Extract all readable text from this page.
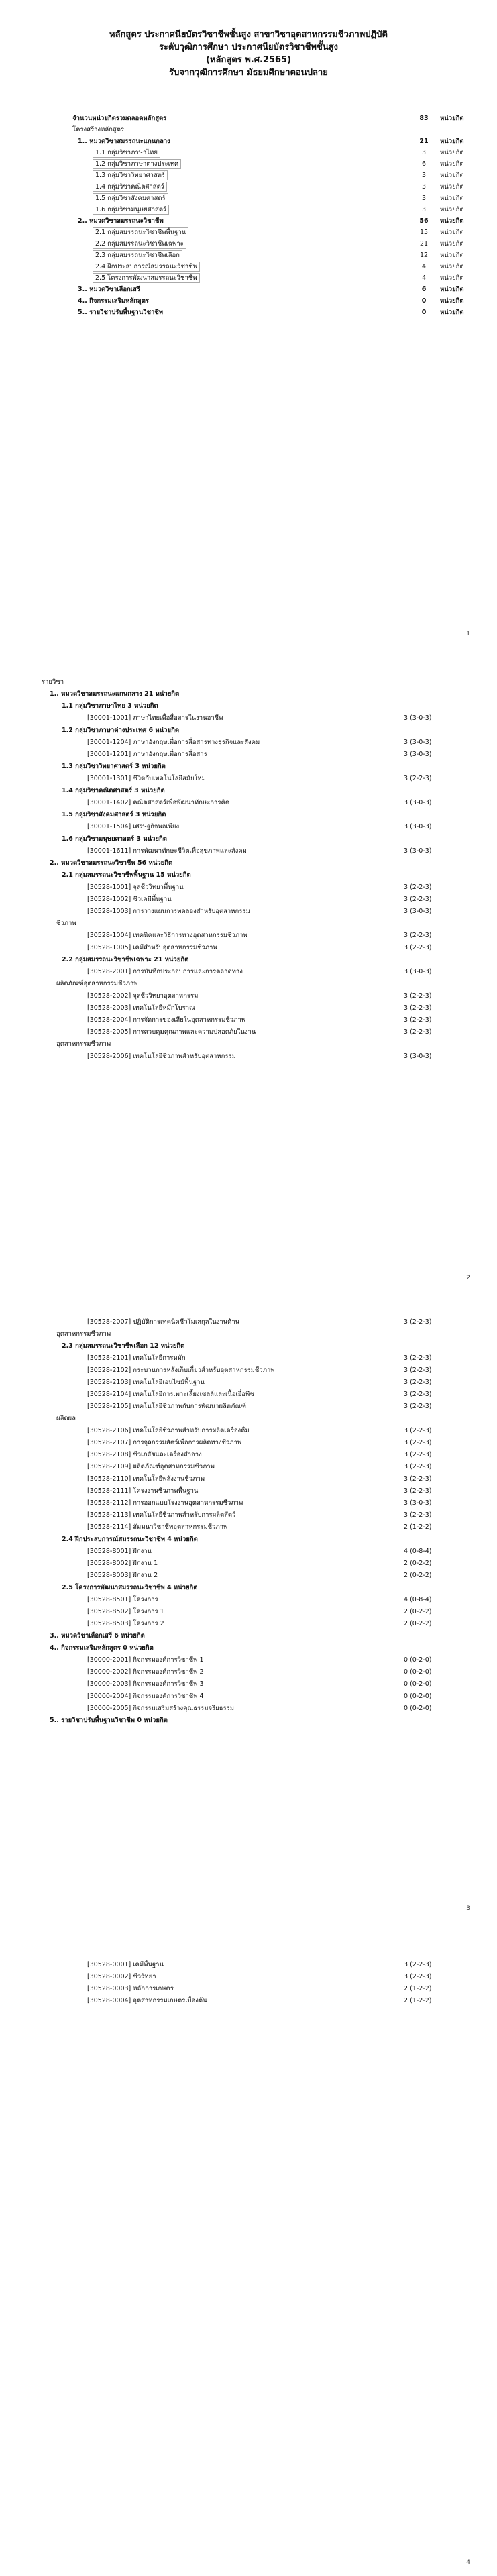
หลักสูตร ประกาศนียบัตรวิชาชีพชั้นสูง สาขาวิชาอุตสาหกรรมชีวภาพปฏิบัติ
ระดับวุฒิการศึกษา ประกาศนียบัตรวิชาชีพชั้นสูง
(หลักสูตร พ.ศ.2565)
รับจากวุฒิการศึกษา มัธยมศึกษาตอนปลาย
จำนวนหน่วยกิตรวมตลอดหลักสูตร	83	หน่วยกิต
โครงสร้างหลักสูตร		
1.. หมวดวิชาสมรรถนะแกนกลาง	21	หน่วยกิต
1.1 กลุ่มวิชาภาษาไทย	3	หน่วยกิต
1.2 กลุ่มวิชาภาษาต่างประเทศ	6	หน่วยกิต
1.3 กลุ่มวิชาวิทยาศาสตร์	3	หน่วยกิต
1.4 กลุ่มวิชาคณิตศาสตร์	3	หน่วยกิต
1.5 กลุ่มวิชาสังคมศาสตร์	3	หน่วยกิต
1.6 กลุ่มวิชามนุษยศาสตร์	3	หน่วยกิต
2.. หมวดวิชาสมรรถนะวิชาชีพ	56	หน่วยกิต
2.1 กลุ่มสมรรถนะวิชาชีพพื้นฐาน	15	หน่วยกิต
2.2 กลุ่มสมรรถนะวิชาชีพเฉพาะ	21	หน่วยกิต
2.3 กลุ่มสมรรถนะวิชาชีพเลือก	12	หน่วยกิต
2.4 ฝึกประสบการณ์สมรรถนะวิชาชีพ	4	หน่วยกิต
2.5 โครงการพัฒนาสมรรถนะวิชาชีพ	4	หน่วยกิต
3.. หมวดวิชาเลือกเสรี	6	หน่วยกิต
4.. กิจกรรมเสริมหลักสูตร	0	หน่วยกิต
5.. รายวิชาปรับพื้นฐานวิชาชีพ	0	หน่วยกิต
1
รายวิชา
1.. หมวดวิชาสมรรถนะแกนกลาง 21 หน่วยกิต
1.1 กลุ่มวิชาภาษาไทย 3 หน่วยกิต
[30001-1001] ภาษาไทยเพื่อสื่อสารในงานอาชีพ	3 (3-0-3)
1.2 กลุ่มวิชาภาษาต่างประเทศ 6 หน่วยกิต
[30001-1204] ภาษาอังกฤษเพื่อการสื่อสารทางธุรกิจและสังคม	3 (3-0-3)
[30001-1201] ภาษาอังกฤษเพื่อการสื่อสาร	3 (3-0-3)
1.3 กลุ่มวิชาวิทยาศาสตร์ 3 หน่วยกิต
[30001-1301] ชีวิตกับเทคโนโลยีสมัยใหม่	3 (2-2-3)
1.4 กลุ่มวิชาคณิตศาสตร์ 3 หน่วยกิต
[30001-1402] คณิตศาสตร์เพื่อพัฒนาทักษะการคิด	3 (3-0-3)
1.5 กลุ่มวิชาสังคมศาสตร์ 3 หน่วยกิต
[30001-1504] เศรษฐกิจพอเพียง	3 (3-0-3)
1.6 กลุ่มวิชามนุษยศาสตร์ 3 หน่วยกิต
[30001-1611] การพัฒนาทักษะชีวิตเพื่อสุขภาพและสังคม	3 (3-0-3)
2.. หมวดวิชาสมรรถนะวิชาชีพ 56 หน่วยกิต
2.1 กลุ่มสมรรถนะวิชาชีพพื้นฐาน 15 หน่วยกิต
[30528-1001] จุลชีววิทยาพื้นฐาน	3 (2-2-3)
[30528-1002] ชีวเคมีพื้นฐาน	3 (2-2-3)
[30528-1003] การวางแผนการทดลองสำหรับอุตสาหกรรม	3 (3-0-3)
ชีวภาพ
[30528-1004] เทคนิคและวิธีการทางอุตสาหกรรมชีวภาพ	3 (2-2-3)
[30528-1005] เคมีสำหรับอุตสาหกรรมชีวภาพ	3 (2-2-3)
2.2 กลุ่มสมรรถนะวิชาชีพเฉพาะ 21 หน่วยกิต
[30528-2001] การบันทึกประกอบการและการตลาดทาง	3 (3-0-3)
ผลิตภัณฑ์อุตสาหกรรมชีวภาพ
[30528-2002] จุลชีววิทยาอุตสาหกรรม	3 (2-2-3)
[30528-2003] เทคโนโลยีหมักโบราณ	3 (2-2-3)
[30528-2004] การจัดการของเสียในอุตสาหกรรมชีวภาพ	3 (2-2-3)
[30528-2005] การควบคุมคุณภาพและความปลอดภัยในงาน	3 (2-2-3)
อุตสาหกรรมชีวภาพ
[30528-2006] เทคโนโลยีชีวภาพสำหรับอุตสาหกรรม	3 (3-0-3)
2
[30528-2007] ปฏิบัติการเทคนิคชีวโมเลกุลในงานด้าน	3 (2-2-3)
อุตสาหกรรมชีวภาพ
2.3 กลุ่มสมรรถนะวิชาชีพเลือก 12 หน่วยกิต
[30528-2101] เทคโนโลยีการหมัก	3 (2-2-3)
[30528-2102] กระบวนการหลังเก็บเกี่ยวสำหรับอุตสาหกรรมชีวภาพ	3 (2-2-3)
[30528-2103] เทคโนโลยีเอนไซม์พื้นฐาน	3 (2-2-3)
[30528-2104] เทคโนโลยีการเพาะเลี้ยงเซลล์และเนื้อเยื่อพืช	3 (2-2-3)
[30528-2105] เทคโนโลยีชีวภาพกับการพัฒนาผลิตภัณฑ์	3 (2-2-3)
ผลิตผล
[30528-2106] เทคโนโลยีชีวภาพสำหรับการผลิตเครื่องดื่ม	3 (2-2-3)
[30528-2107] การจุลกรรมสัตว์เพื่อการผลิตทางชีวภาพ	3 (2-2-3)
[30528-2108] ชีวเภสัชและเครื่องสำอาง	3 (2-2-3)
[30528-2109] ผลิตภัณฑ์อุตสาหกรรมชีวภาพ	3 (2-2-3)
[30528-2110] เทคโนโลยีพลังงานชีวภาพ	3 (2-2-3)
[30528-2111] โครงงานชีวภาพพื้นฐาน	3 (2-2-3)
[30528-2112] การออกแบบโรงงานอุตสาหกรรมชีวภาพ	3 (3-0-3)
[30528-2113] เทคโนโลยีชีวภาพสำหรับการผลิตสัตว์	3 (2-2-3)
[30528-2114] สัมมนาวิชาชีพอุตสาหกรรมชีวภาพ	2 (1-2-2)
2.4 ฝึกประสบการณ์สมรรถนะวิชาชีพ 4 หน่วยกิต
[30528-8001] ฝึกงาน	4 (0-8-4)
[30528-8002] ฝึกงาน 1	2 (0-2-2)
[30528-8003] ฝึกงาน 2	2 (0-2-2)
2.5 โครงการพัฒนาสมรรถนะวิชาชีพ 4 หน่วยกิต
[30528-8501] โครงการ	4 (0-8-4)
[30528-8502] โครงการ 1	2 (0-2-2)
[30528-8503] โครงการ 2	2 (0-2-2)
3.. หมวดวิชาเลือกเสรี 6 หน่วยกิต
4.. กิจกรรมเสริมหลักสูตร 0 หน่วยกิต
[30000-2001] กิจกรรมองค์การวิชาชีพ 1	0 (0-2-0)
[30000-2002] กิจกรรมองค์การวิชาชีพ 2	0 (0-2-0)
[30000-2003] กิจกรรมองค์การวิชาชีพ 3	0 (0-2-0)
[30000-2004] กิจกรรมองค์การวิชาชีพ 4	0 (0-2-0)
[30000-2005] กิจกรรมเสริมสร้างคุณธรรมจริยธรรม	0 (0-2-0)
5.. รายวิชาปรับพื้นฐานวิชาชีพ 0 หน่วยกิต
3
[30528-0001] เคมีพื้นฐาน	3 (2-2-3)
[30528-0002] ชีววิทยา	3 (2-2-3)
[30528-0003] หลักการเกษตร	2 (1-2-2)
[30528-0004] อุตสาหกรรมเกษตรเบื้องต้น	2 (1-2-2)
4
